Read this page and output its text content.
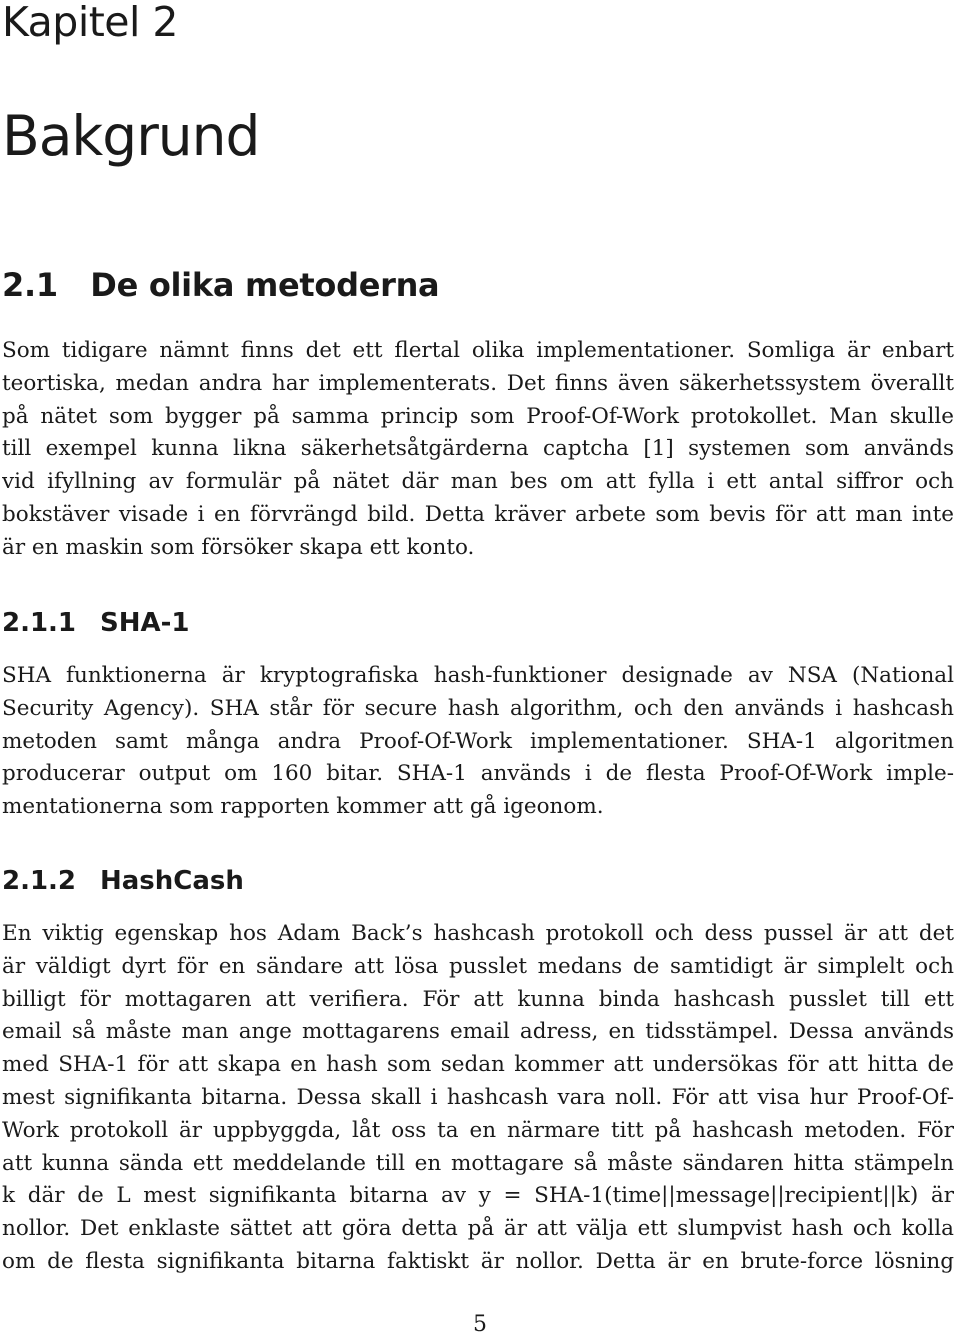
Kapitel 2
Bakgrund
2.1   De olika metoderna
Som tidigare nämnt finns det ett flertal olika implementationer. Somliga är enbart
teortiska, medan andra har implementerats. Det finns även säkerhetssystem överallt
på nätet som bygger på samma princip som Proof-Of-Work protokollet. Man skulle
till exempel kunna likna säkerhetsåtgärderna captcha [1] systemen som används
vid ifyllning av formulär på nätet där man bes om att fylla i ett antal siffror och
bokstäver visade i en förvrängd bild. Detta kräver arbete som bevis för att man inte
är en maskin som försöker skapa ett konto.
2.1.1 SHA-1
SHA funktionerna är kryptografiska hash-funktioner designade av NSA (National
Security Agency). SHA står för secure hash algorithm, och den används i hashcash
metoden samt många andra Proof-Of-Work implementationer. SHA-1 algoritmen
producerar output om 160 bitar. SHA-1 används i de flesta Proof-Of-Work imple-
mentationerna som rapporten kommer att gå igeonom.
2.1.2 HashCash
En viktig egenskap hos Adam Back’s hashcash protokoll och dess pussel är att det
är väldigt dyrt för en sändare att lösa pusslet medans de samtidigt är simplelt och
billigt för mottagaren att verifiera. För att kunna binda hashcash pusslet till ett
email så måste man ange mottagarens email adress, en tidsstämpel. Dessa används
med SHA-1 för att skapa en hash som sedan kommer att undersökas för att hitta de
mest signifikanta bitarna. Dessa skall i hashcash vara noll. För att visa hur Proof-Of-
Work protokoll är uppbyggda, låt oss ta en närmare titt på hashcash metoden. För
att kunna sända ett meddelande till en mottagare så måste sändaren hitta stämpeln
k där de L mest signifikanta bitarna av y = SHA-1(time||message||recipient||k) är
nollor. Det enklaste sättet att göra detta på är att välja ett slumpvist hash och kolla
om de flesta signifikanta bitarna faktiskt är nollor. Detta är en brute-force lösning

5
